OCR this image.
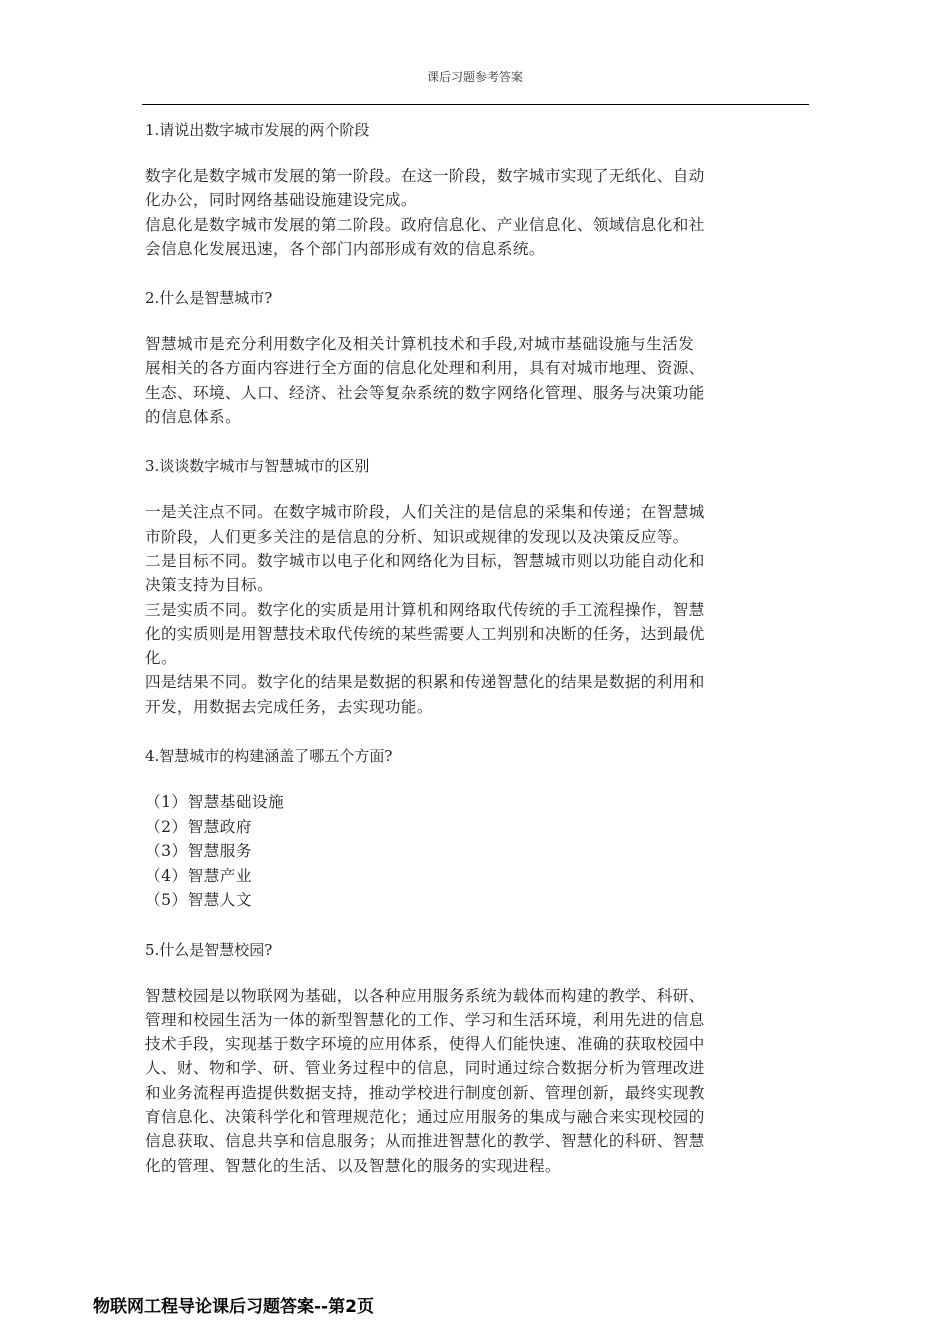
课后习题参考答案

1.请说出数字城市发展的两个阶段

数字化是数字城市发展的第一阶段。在这一阶段，数字城市实现了无纸化、自动

化办公，同时网络基础设施建设完成。

信息化是数字城市发展的第二阶段。政府信息化、产业信息化、领域信息化和社

会信息化发展迅速，各个部门内部形成有效的信息系统。

2.什么是智慧城市?

智慧城市是充分利用数字化及相关计算机技术和手段,对城市基础设施与生活发

展相关的各方面内容进行全方面的信息化处理和利用，具有对城市地理、资源、

生态、环境、人口、经济、社会等复杂系统的数字网络化管理、服务与决策功能

的信息体系。

3.谈谈数字城市与智慧城市的区别

一是关注点不同。在数字城市阶段，人们关注的是信息的采集和传递；在智慧城

市阶段，人们更多关注的是信息的分析、知识或规律的发现以及决策反应等。

二是目标不同。数字城市以电子化和网络化为目标，智慧城市则以功能自动化和

决策支持为目标。

三是实质不同。数字化的实质是用计算机和网络取代传统的手工流程操作，智慧

化的实质则是用智慧技术取代传统的某些需要人工判别和决断的任务，达到最优

化。

四是结果不同。数字化的结果是数据的积累和传递智慧化的结果是数据的利用和

开发，用数据去完成任务，去实现功能。

4.智慧城市的构建涵盖了哪五个方面?

（1）智慧基础设施
（2）智慧政府
（3）智慧服务
（4）智慧产业
（5）智慧人文

5.什么是智慧校园?

智慧校园是以物联网为基础，以各种应用服务系统为载体而构建的教学、科研、

管理和校园生活为一体的新型智慧化的工作、学习和生活环境，利用先进的信息

技术手段，实现基于数字环境的应用体系，使得人们能快速、准确的获取校园中

人、财、物和学、研、管业务过程中的信息，同时通过综合数据分析为管理改进

和业务流程再造提供数据支持，推动学校进行制度创新、管理创新，最终实现教

育信息化、决策科学化和管理规范化；通过应用服务的集成与融合来实现校园的

信息获取、信息共享和信息服务；从而推进智慧化的教学、智慧化的科研、智慧

化的管理、智慧化的生活、以及智慧化的服务的实现进程。

物联网工程导论课后习题答案--第2页
